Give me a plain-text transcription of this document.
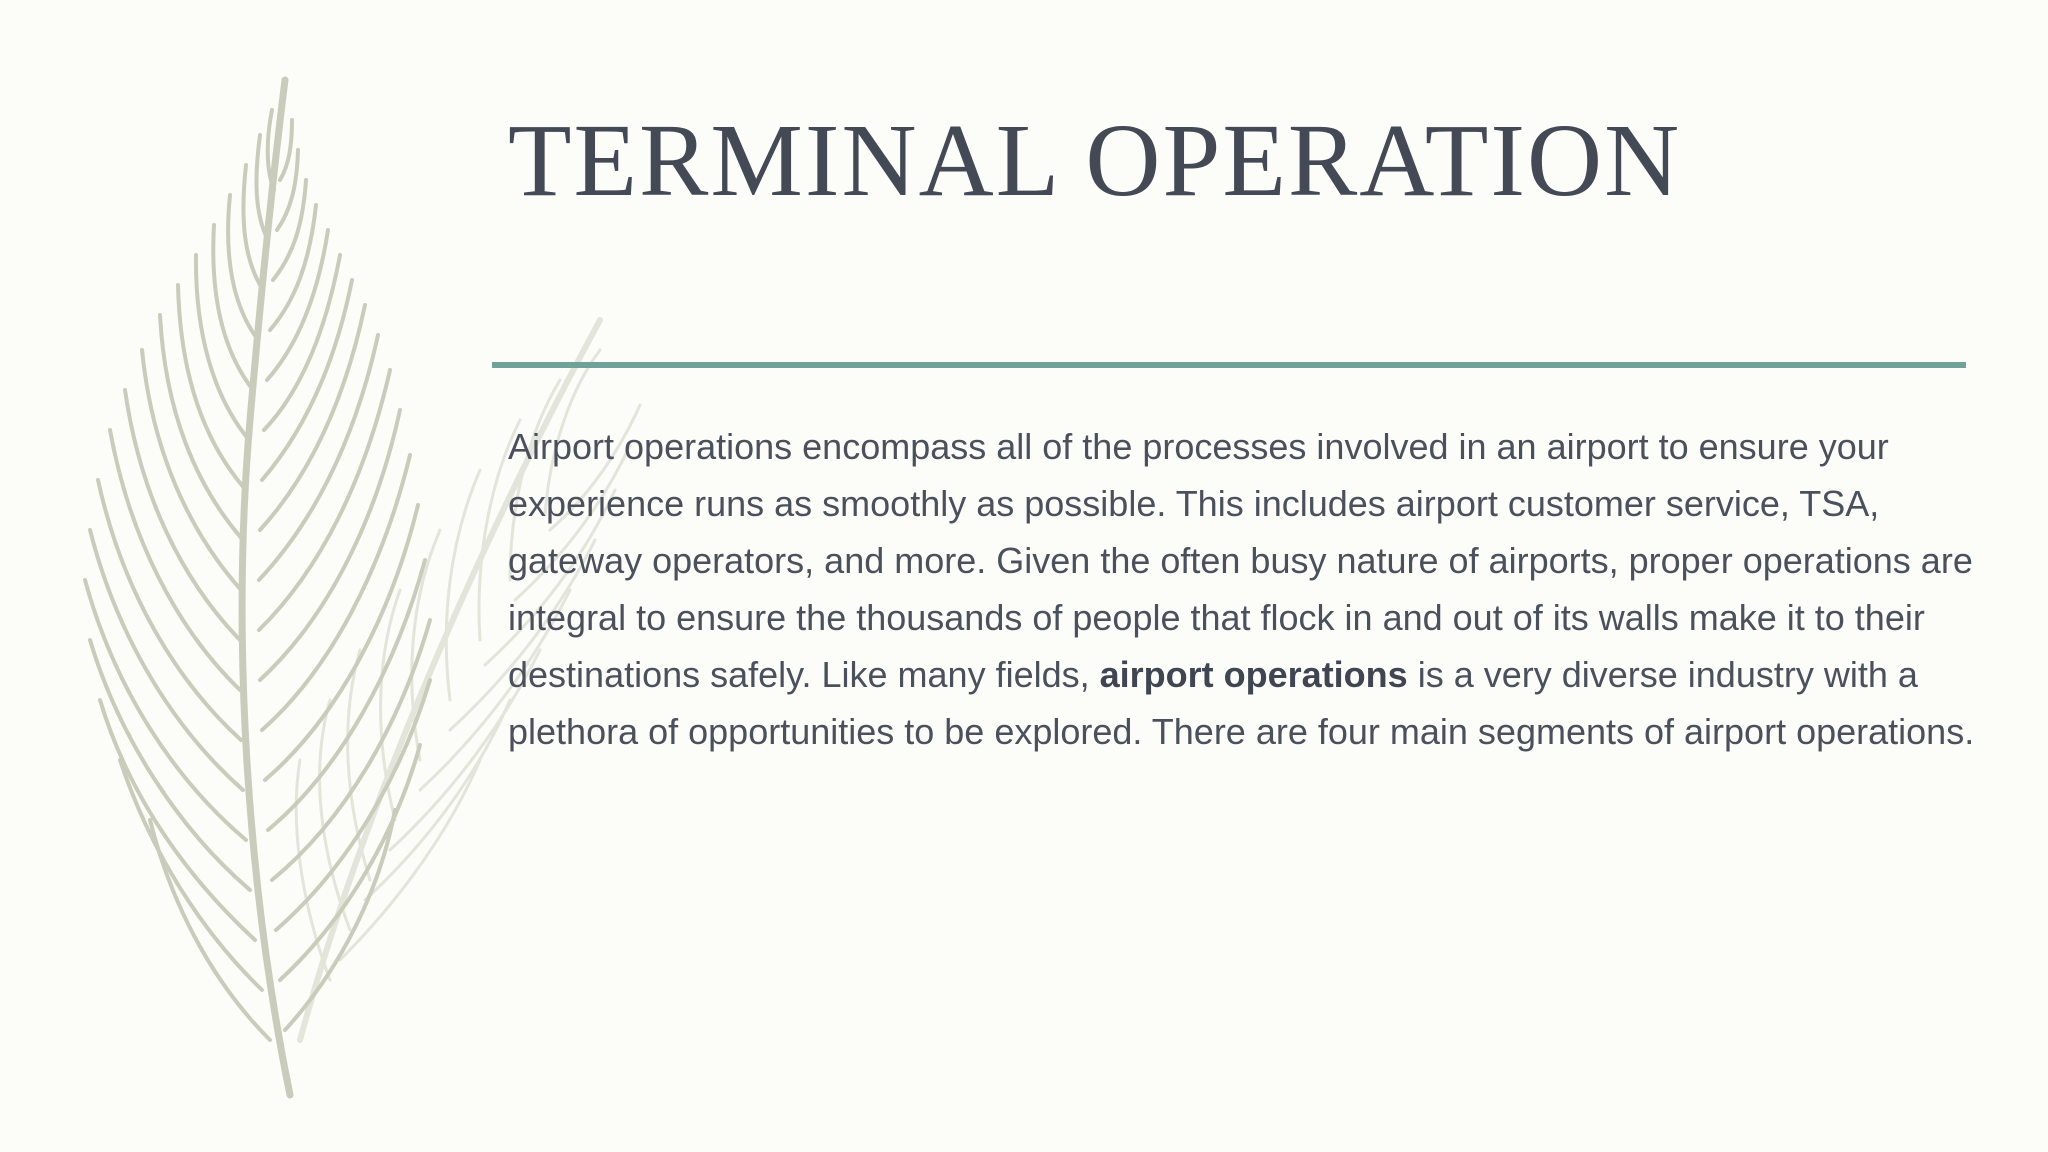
TERMINAL OPERATION

Airport operations encompass all of the processes involved in an airport to ensure your experience runs as smoothly as possible. This includes airport customer service, TSA, gateway operators, and more. Given the often busy nature of airports, proper operations are integral to ensure the thousands of people that flock in and out of its walls make it to their destinations safely. Like many fields, airport operations is a very diverse industry with a plethora of opportunities to be explored. There are four main segments of airport operations.
